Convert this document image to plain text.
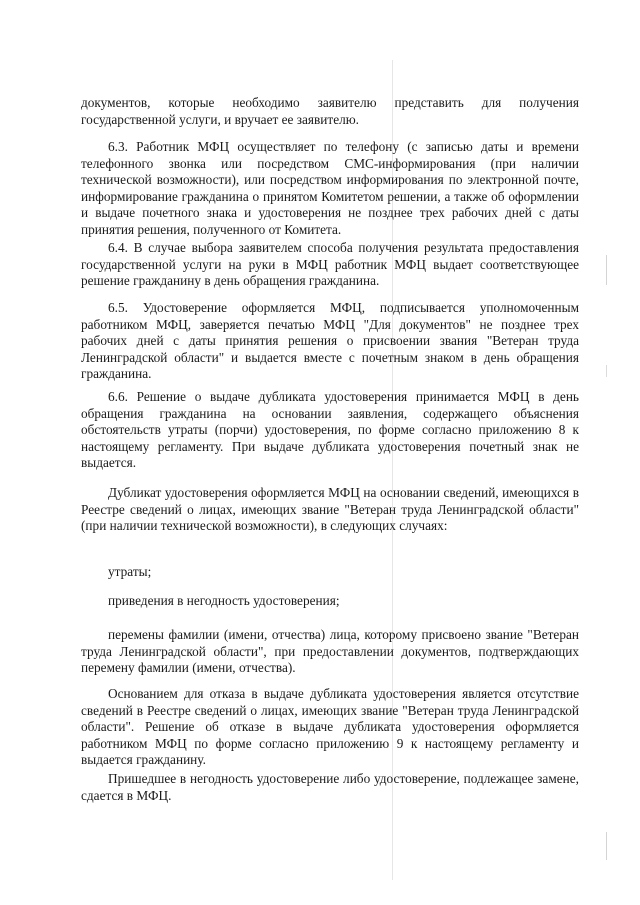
документов, которые необходимо заявителю представить для получения государственной услуги, и вручает ее заявителю.

6.3. Работник МФЦ осуществляет по телефону (с записью даты и времени телефонного звонка или посредством СМС-информирования (при наличии технической возможности), или посредством информирования по электронной почте, информирование гражданина о принятом Комитетом решении, а также об оформлении и выдаче почетного знака и удостоверения не позднее трех рабочих дней с даты принятия решения, полученного от Комитета.

6.4. В случае выбора заявителем способа получения результата предоставления государственной услуги на руки в МФЦ работник МФЦ выдает соответствующее решение гражданину в день обращения гражданина.

6.5. Удостоверение оформляется МФЦ, подписывается уполномоченным работником МФЦ, заверяется печатью МФЦ "Для документов" не позднее трех рабочих дней с даты принятия решения о присвоении звания "Ветеран труда Ленинградской области" и выдается вместе с почетным знаком в день обращения гражданина.

6.6. Решение о выдаче дубликата удостоверения принимается МФЦ в день обращения гражданина на основании заявления, содержащего объяснения обстоятельств утраты (порчи) удостоверения, по форме согласно приложению 8 к настоящему регламенту. При выдаче дубликата удостоверения почетный знак не выдается.

Дубликат удостоверения оформляется МФЦ на основании сведений, имеющихся в Реестре сведений о лицах, имеющих звание "Ветеран труда Ленинградской области" (при наличии технической возможности), в следующих случаях:

утраты;

приведения в негодность удостоверения;

перемены фамилии (имени, отчества) лица, которому присвоено звание "Ветеран труда Ленинградской области", при предоставлении документов, подтверждающих перемену фамилии (имени, отчества).

Основанием для отказа в выдаче дубликата удостоверения является отсутствие сведений в Реестре сведений о лицах, имеющих звание "Ветеран труда Ленинградской области". Решение об отказе в выдаче дубликата удостоверения оформляется работником МФЦ по форме согласно приложению 9 к настоящему регламенту и выдается гражданину.

Пришедшее в негодность удостоверение либо удостоверение, подлежащее замене, сдается в МФЦ.
